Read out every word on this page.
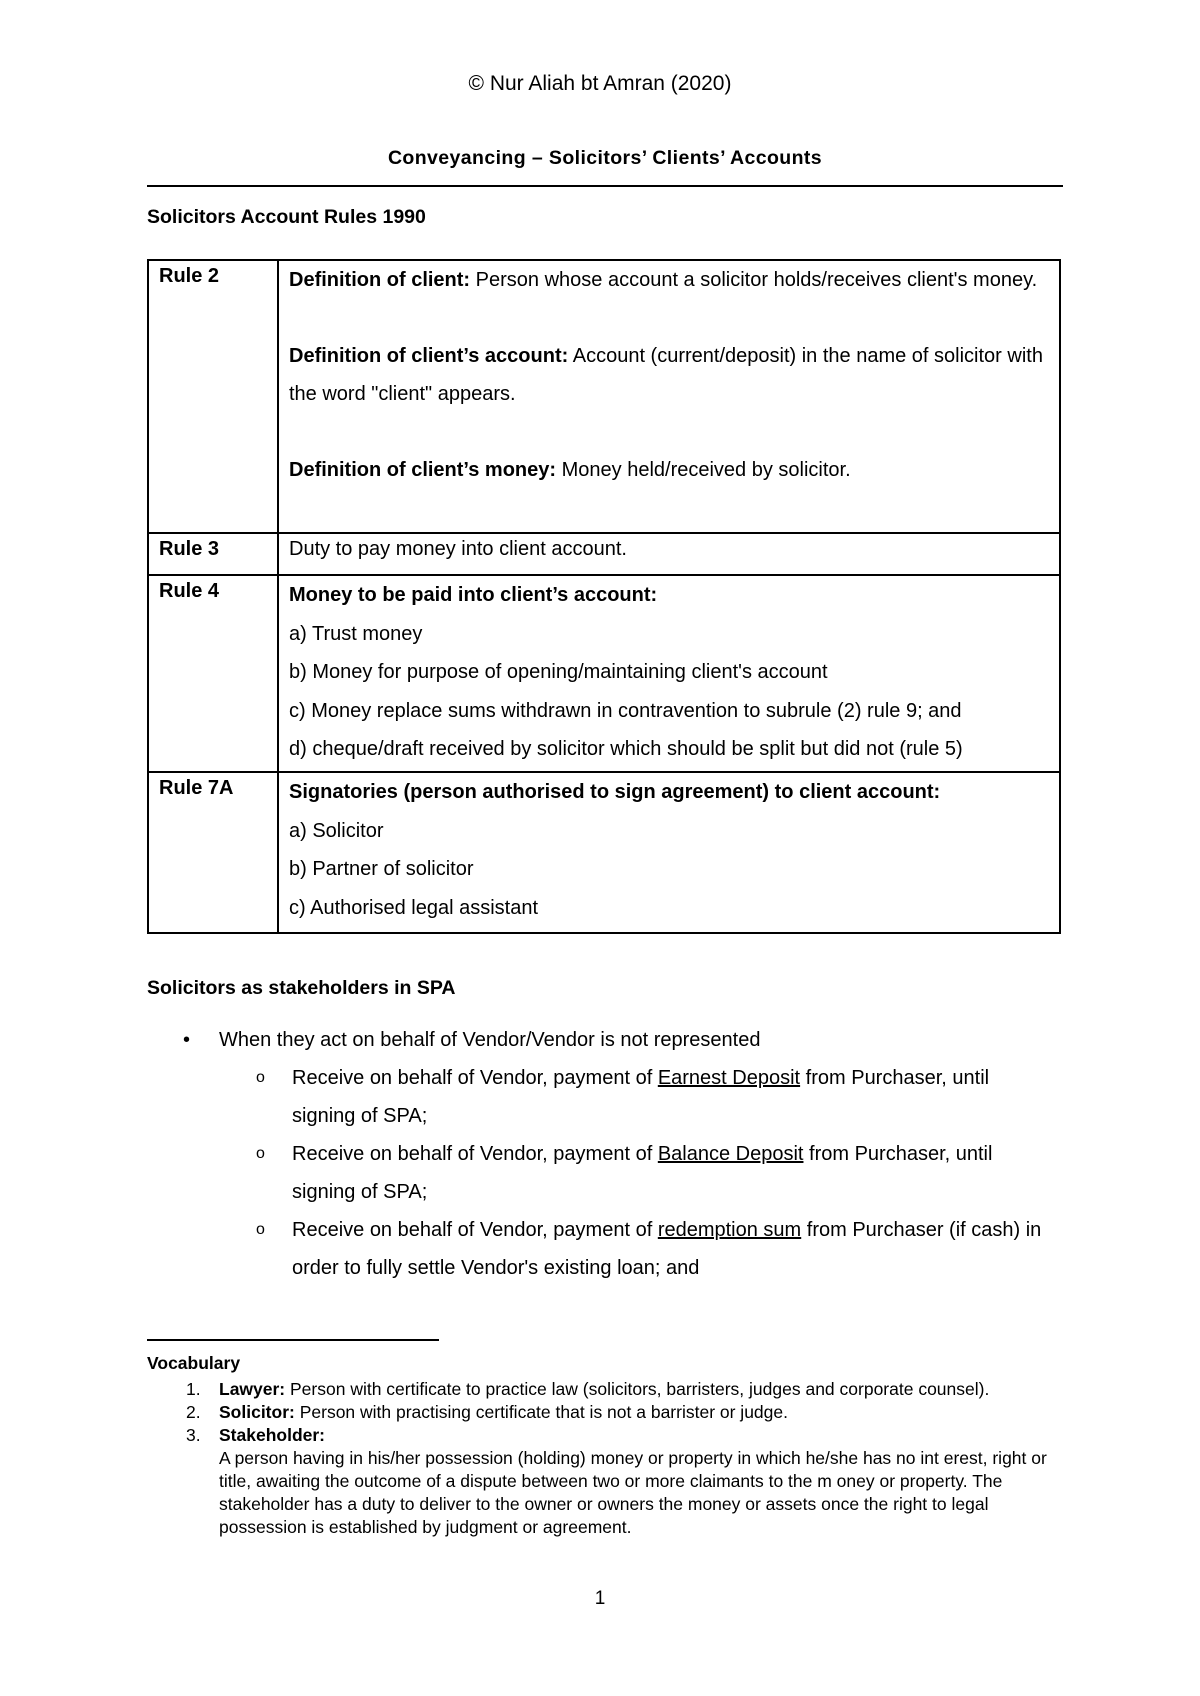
© Nur Aliah bt Amran (2020)
Conveyancing – Solicitors’ Clients’ Accounts
Solicitors Account Rules 1990
Rule 2	Definition of client: Person whose account a solicitor holds/receives client's money.
Definition of client’s account: Account (current/deposit) in the name of solicitor with the word "client" appears.
Definition of client’s money: Money held/received by solicitor.

Rule 3	Duty to pay money into client account.
Rule 4	Money to be paid into client’s account:
a) Trust money
b) Money for purpose of opening/maintaining client's account
c) Money replace sums withdrawn in contravention to subrule (2) rule 9; and
d) cheque/draft received by solicitor which should be split but did not (rule 5)

Rule 7A	Signatories (person authorised to sign agreement) to client account:
a) Solicitor
b) Partner of solicitor
c) Authorised legal assistant
Solicitors as stakeholders in SPA
• When they act on behalf of Vendor/Vendor is not represented
o Receive on behalf of Vendor, payment of Earnest Deposit from Purchaser, until signing of SPA;
o Receive on behalf of Vendor, payment of Balance Deposit from Purchaser, until signing of SPA;
o Receive on behalf of Vendor, payment of redemption sum from Purchaser (if cash) in order to fully settle Vendor's existing loan; and
Vocabulary
1. Lawyer: Person with certificate to practice law (solicitors, barristers, judges and corporate counsel).
2. Solicitor: Person with practising certificate that is not a barrister or judge.
3. Stakeholder:
A person having in his/her possession (holding) money or property in which he/she has no int erest, right or title, awaiting the outcome of a dispute between two or more claimants to the m oney or property. The stakeholder has a duty to deliver to the owner or owners the money or assets once the right to legal possession is established by judgment or agreement.
1
